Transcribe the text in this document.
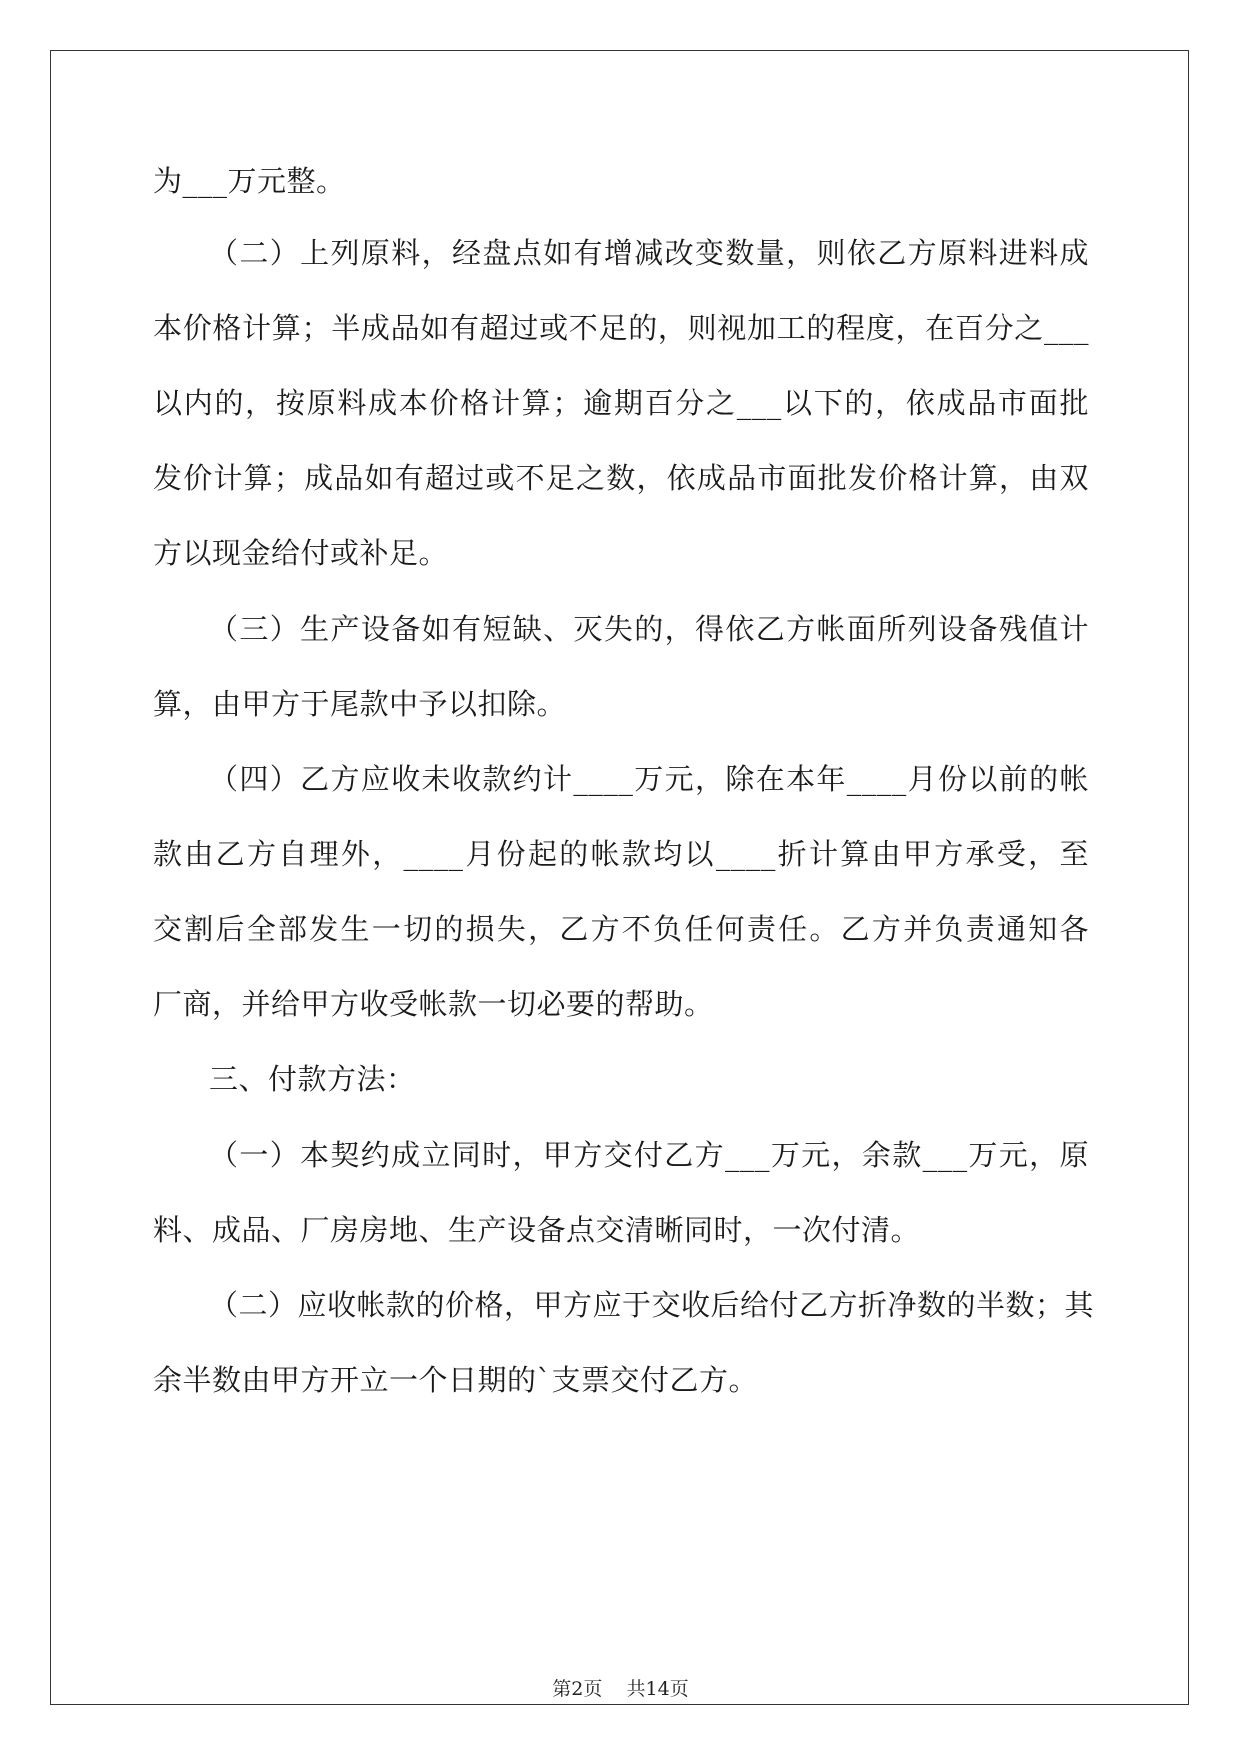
为___万元整。
（二）上列原料，经盘点如有增减改变数量，则依乙方原料进料成
本价格计算；半成品如有超过或不足的，则视加工的程度，在百分之___
以内的，按原料成本价格计算；逾期百分之___以下的，依成品市面批
发价计算；成品如有超过或不足之数，依成品市面批发价格计算，由双
方以现金给付或补足。
（三）生产设备如有短缺、灭失的，得依乙方帐面所列设备残值计
算，由甲方于尾款中予以扣除。
（四）乙方应收未收款约计____万元，除在本年____月份以前的帐
款由乙方自理外，____月份起的帐款均以____折计算由甲方承受，至
交割后全部发生一切的损失，乙方不负任何责任。乙方并负责通知各
厂商，并给甲方收受帐款一切必要的帮助。
三、付款方法：
（一）本契约成立同时，甲方交付乙方___万元，余款___万元，原
料、成品、厂房房地、生产设备点交清晰同时，一次付清。
（二）应收帐款的价格，甲方应于交收后给付乙方折净数的半数；其
余半数由甲方开立一个日期的`支票交付乙方。
第2页 共14页
